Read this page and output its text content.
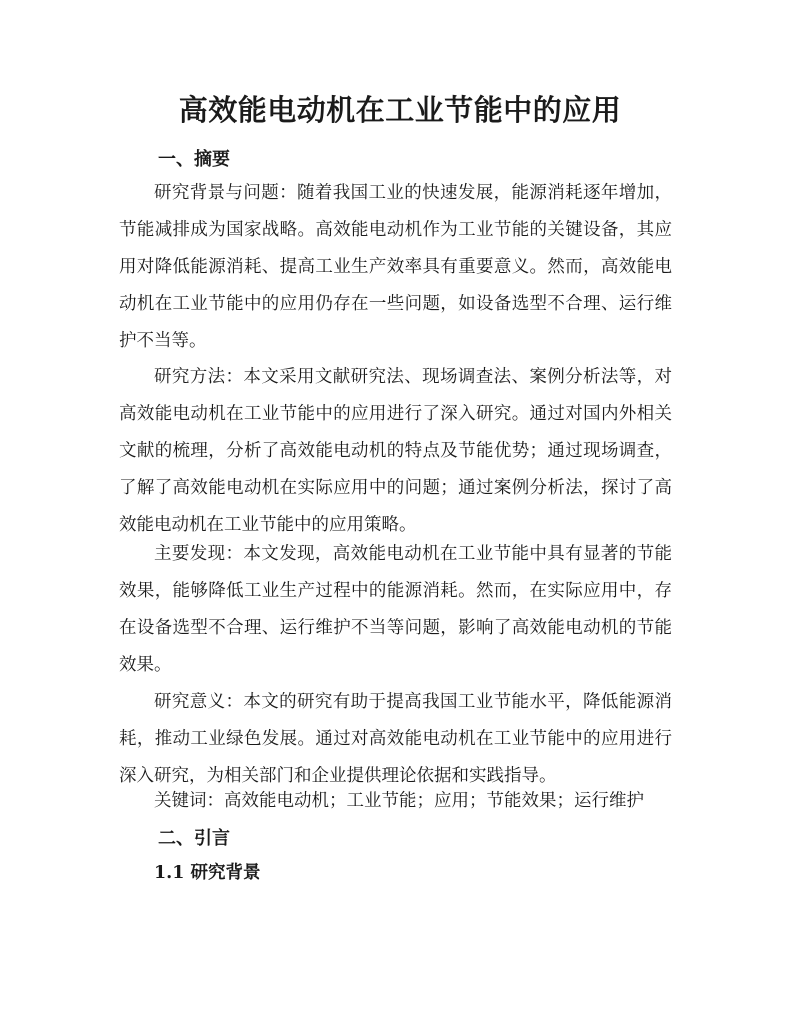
高效能电动机在工业节能中的应用
一、摘要

研究背景与问题：随着我国工业的快速发展，能源消耗逐年增加，节能减排成为国家战略。高效能电动机作为工业节能的关键设备，其应用对降低能源消耗、提高工业生产效率具有重要意义。然而，高效能电动机在工业节能中的应用仍存在一些问题，如设备选型不合理、运行维护不当等。

研究方法：本文采用文献研究法、现场调查法、案例分析法等，对高效能电动机在工业节能中的应用进行了深入研究。通过对国内外相关文献的梳理，分析了高效能电动机的特点及节能优势；通过现场调查，了解了高效能电动机在实际应用中的问题；通过案例分析法，探讨了高效能电动机在工业节能中的应用策略。

主要发现：本文发现，高效能电动机在工业节能中具有显著的节能效果，能够降低工业生产过程中的能源消耗。然而，在实际应用中，存在设备选型不合理、运行维护不当等问题，影响了高效能电动机的节能效果。

研究意义：本文的研究有助于提高我国工业节能水平，降低能源消耗，推动工业绿色发展。通过对高效能电动机在工业节能中的应用进行深入研究，为相关部门和企业提供理论依据和实践指导。

关键词：高效能电动机；工业节能；应用；节能效果；运行维护

二、引言
1.1 研究背景
